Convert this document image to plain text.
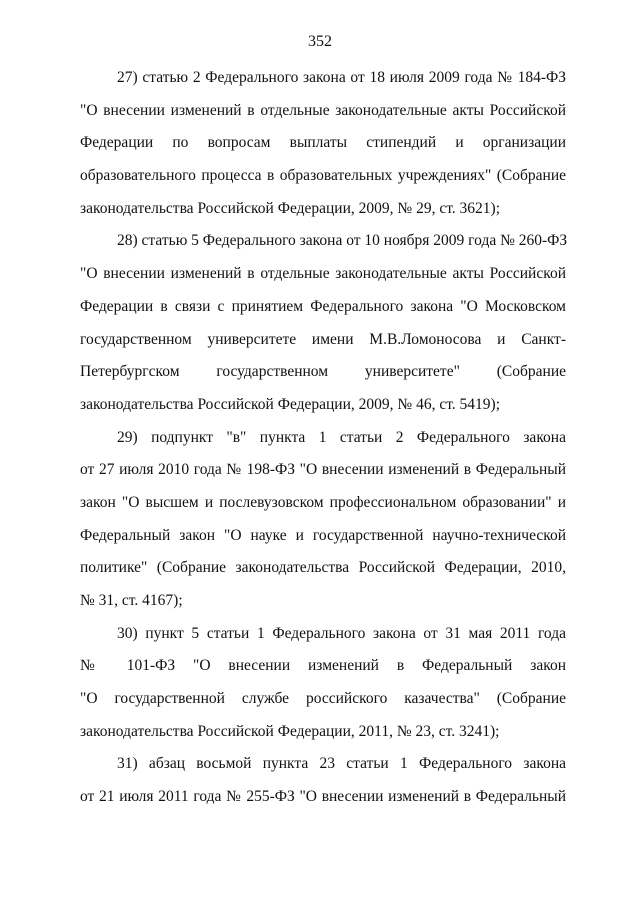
352
27) статью 2 Федерального закона от 18 июля 2009 года № 184-ФЗ
"О внесении изменений в отдельные законодательные акты Российской
Федерации по вопросам выплаты стипендий и организации
образовательного процесса в образовательных учреждениях" (Собрание
законодательства Российской Федерации, 2009, № 29, ст. 3621);
28) статью 5 Федерального закона от 10 ноября 2009 года № 260-ФЗ
"О внесении изменений в отдельные законодательные акты Российской
Федерации в связи с принятием Федерального закона "О Московском
государственном университете имени М.В.Ломоносова и Санкт-
Петербургском государственном университете" (Собрание
законодательства Российской Федерации, 2009, № 46, ст. 5419);
29) подпункт "в" пункта 1 статьи 2 Федерального закона
от 27 июля 2010 года № 198-ФЗ "О внесении изменений в Федеральный
закон "О высшем и послевузовском профессиональном образовании" и
Федеральный закон "О науке и государственной научно-технической
политике" (Собрание законодательства Российской Федерации, 2010,
№ 31, ст. 4167);
30) пункт 5 статьи 1 Федерального закона от 31 мая 2011 года
№ 101-ФЗ "О внесении изменений в Федеральный закон
"О государственной службе российского казачества" (Собрание
законодательства Российской Федерации, 2011, № 23, ст. 3241);
31) абзац восьмой пункта 23 статьи 1 Федерального закона
от 21 июля 2011 года № 255-ФЗ "О внесении изменений в Федеральный
